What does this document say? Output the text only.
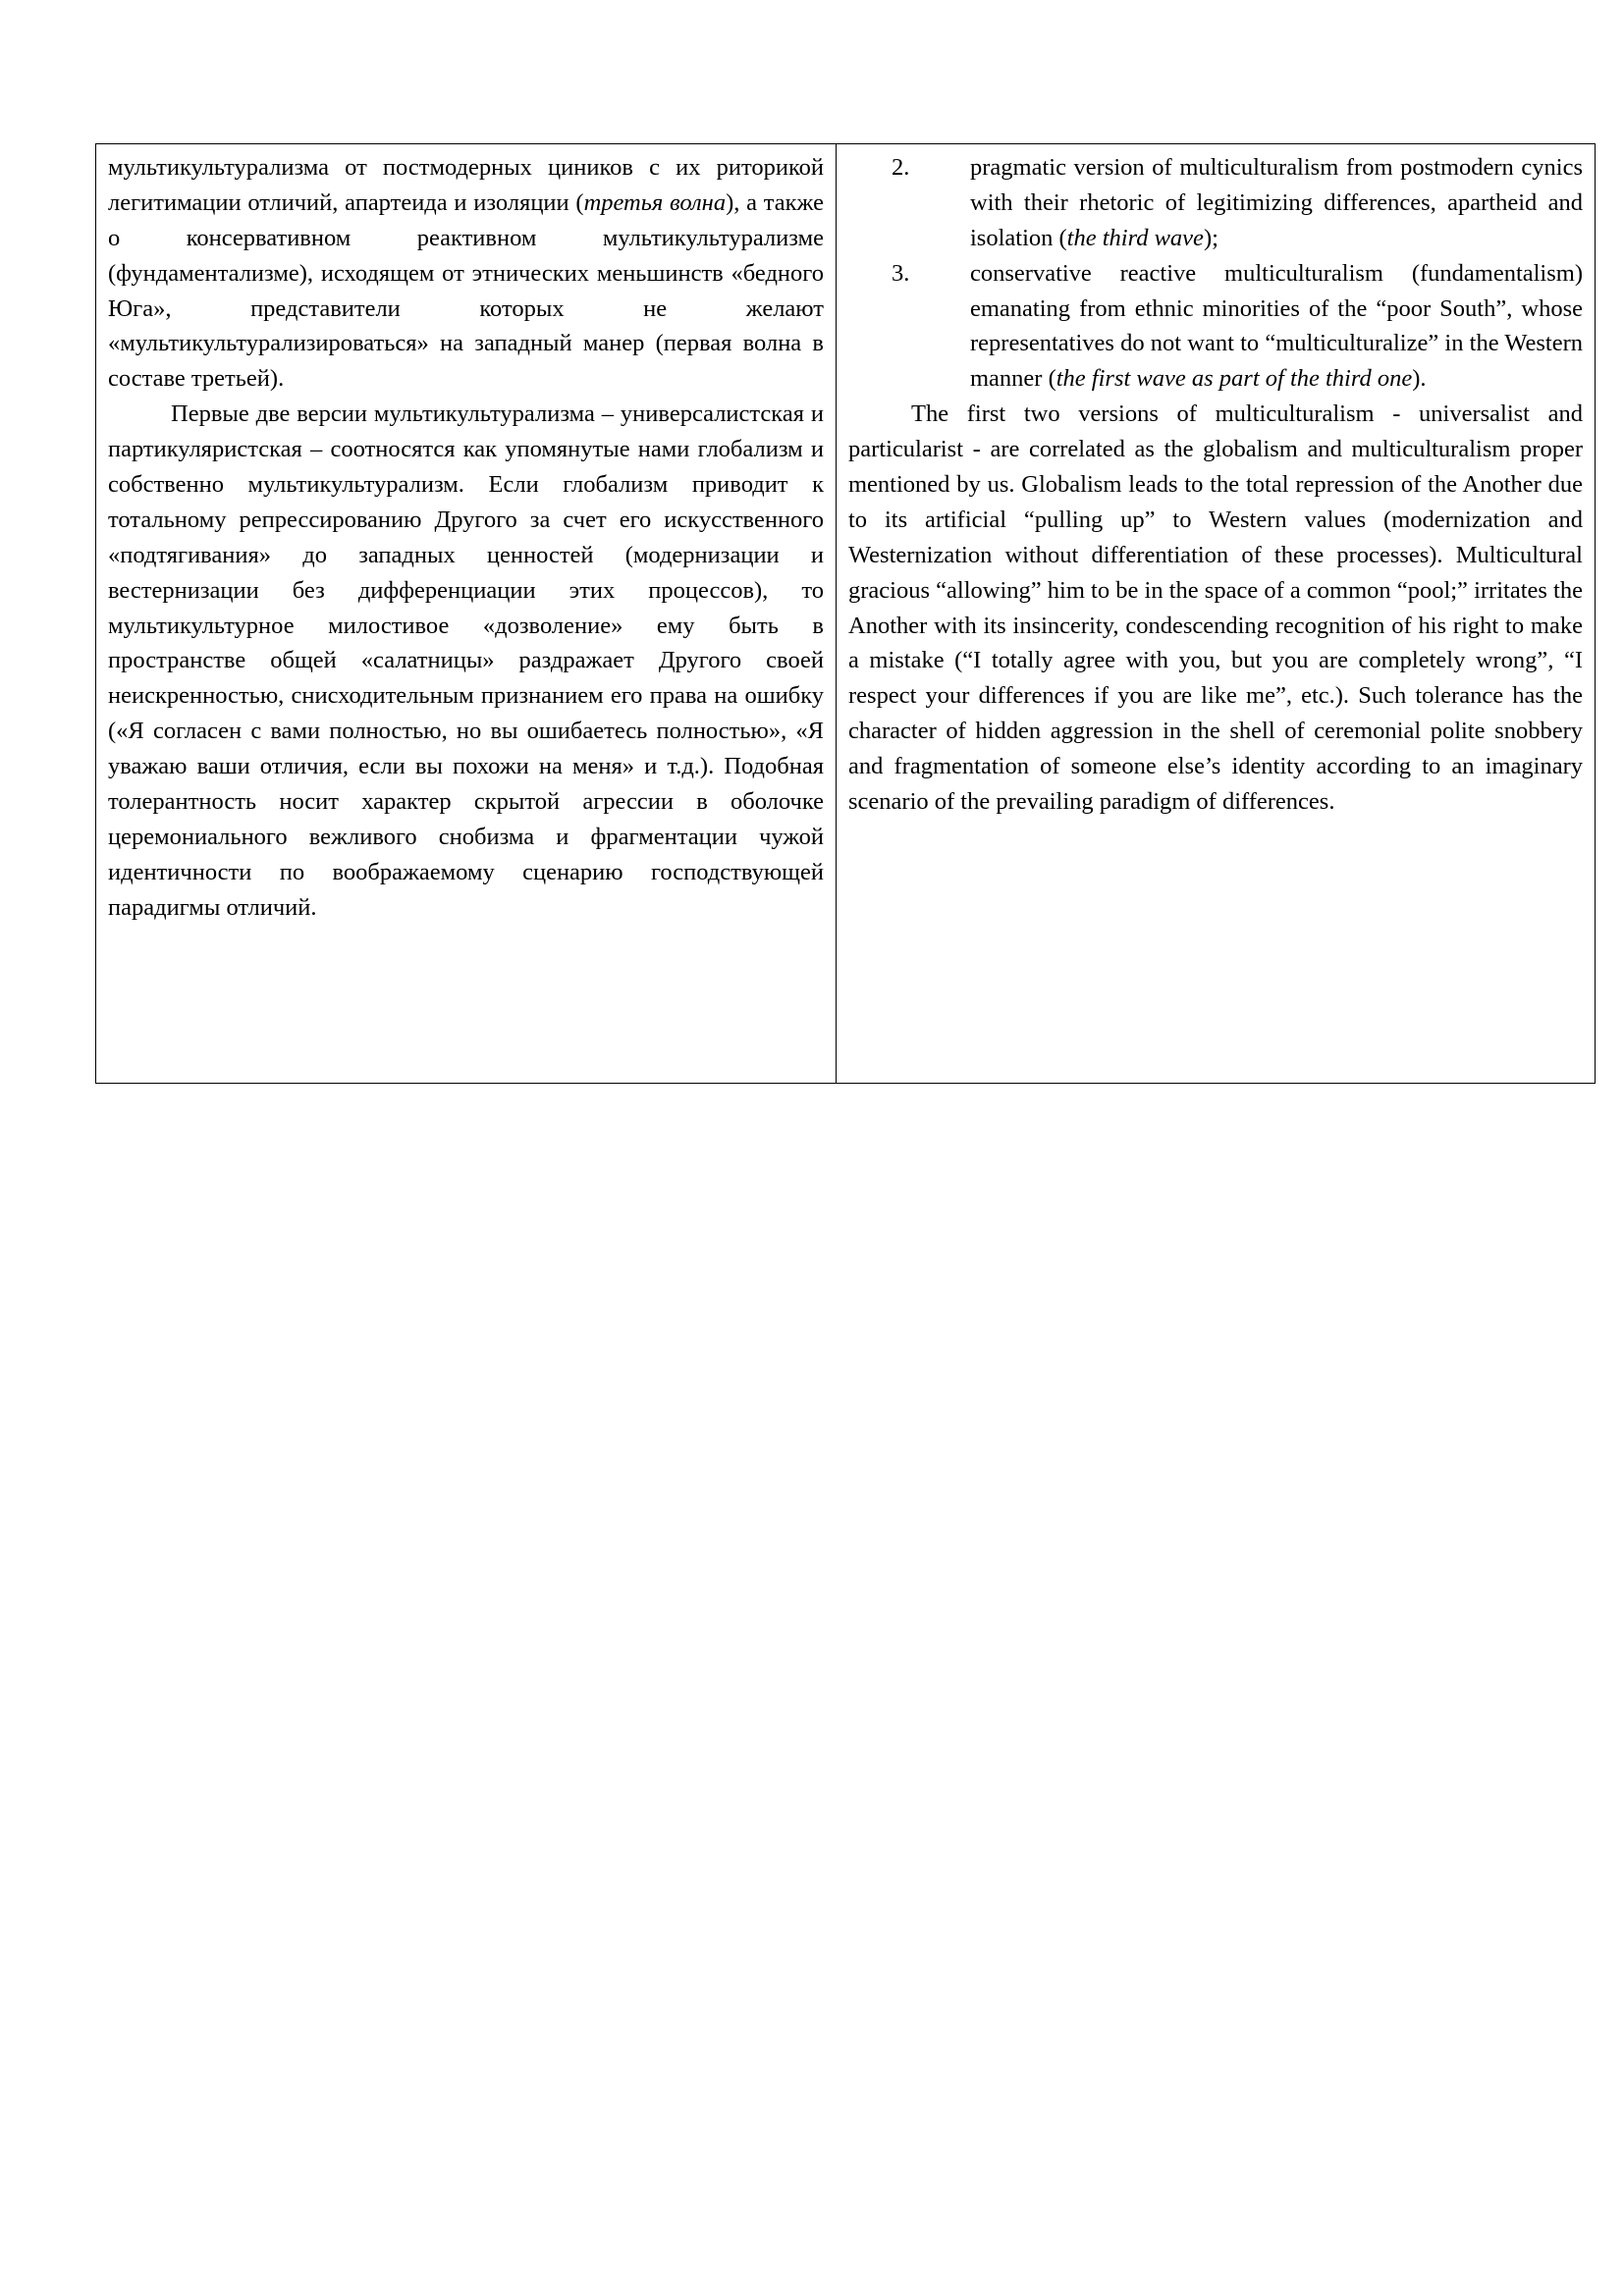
мультикультурализма от постмодерных циников с их риторикой легитимации отличий, апартеида и изоляции (третья волна), а также о консервативном реактивном мультикультурализме (фундаментализме), исходящем от этнических меньшинств «бедного Юга», представители которых не желают «мультикультурализироваться» на западный манер (первая волна в составе третьей).

Первые две версии мультикультурализма – универсалистская и партикуляристская – соотносятся как упомянутые нами глобализм и собственно мультикультурализм. Если глобализм приводит к тотальному репрессированию Другого за счет его искусственного «подтягивания» до западных ценностей (модернизации и вестернизации без дифференциации этих процессов), то мультикультурное милостивое «дозволение» ему быть в пространстве общей «салатницы» раздражает Другого своей неискренностью, снисходительным признанием его права на ошибку («Я согласен с вами полностью, но вы ошибаетесь полностью», «Я уважаю ваши отличия, если вы похожи на меня» и т.д.). Подобная толерантность носит характер скрытой агрессии в оболочке церемониального вежливого снобизма и фрагментации чужой идентичности по воображаемому сценарию господствующей парадигмы отличий.

2.	pragmatic version of multiculturalism from postmodern cynics with their rhetoric of legitimizing differences, apartheid and isolation (the third wave);
3.	conservative reactive multiculturalism (fundamentalism) emanating from ethnic minorities of the “poor South”, whose representatives do not want to “multiculturalize” in the Western manner (the first wave as part of the third one).

The first two versions of multiculturalism - universalist and particularist - are correlated as the globalism and multiculturalism proper mentioned by us. Globalism leads to the total repression of the Another due to its artificial “pulling up” to Western values (modernization and Westernization without differentiation of these processes). Multicultural gracious “allowing” him to be in the space of a common “pool;” irritates the Another with its insincerity, condescending recognition of his right to make a mistake (“I totally agree with you, but you are completely wrong”, “I respect your differences if you are like me”, etc.). Such tolerance has the character of hidden aggression in the shell of ceremonial polite snobbery and fragmentation of someone else’s identity according to an imaginary scenario of the prevailing paradigm of differences.
